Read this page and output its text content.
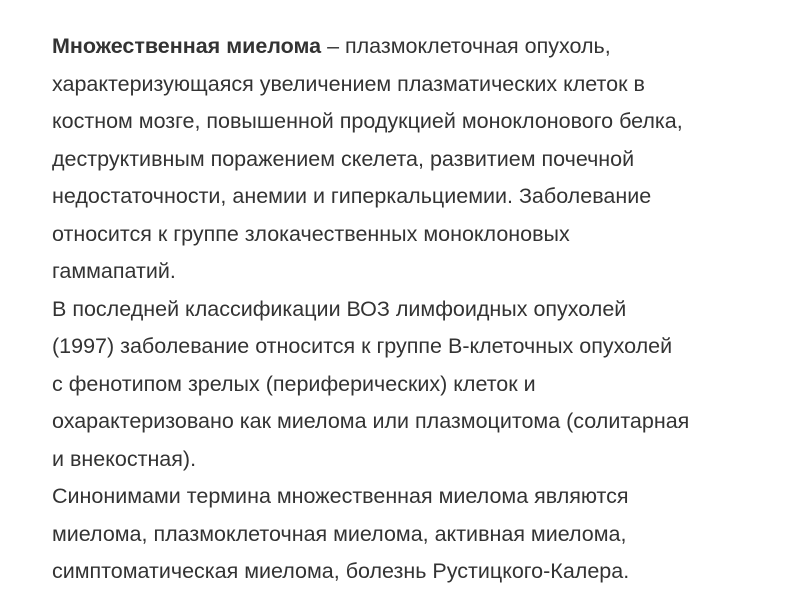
Множественная миелома – плазмоклеточная опухоль,
характеризующаяся увеличением плазматических клеток в
костном мозге, повышенной продукцией моноклонового белка,
деструктивным поражением скелета, развитием почечной
недостаточности, анемии и гиперкальциемии. Заболевание
относится к группе злокачественных моноклоновых
гаммапатий.
В последней классификации ВОЗ лимфоидных опухолей
(1997) заболевание относится к группе В-клеточных опухолей
с фенотипом зрелых (периферических) клеток и
охарактеризовано как миелома или плазмоцитома (солитарная
и внекостная).
Синонимами термина множественная миелома являются
миелома, плазмоклеточная миелома, активная миелома,
симптоматическая миелома, болезнь Рустицкого-Калера.
